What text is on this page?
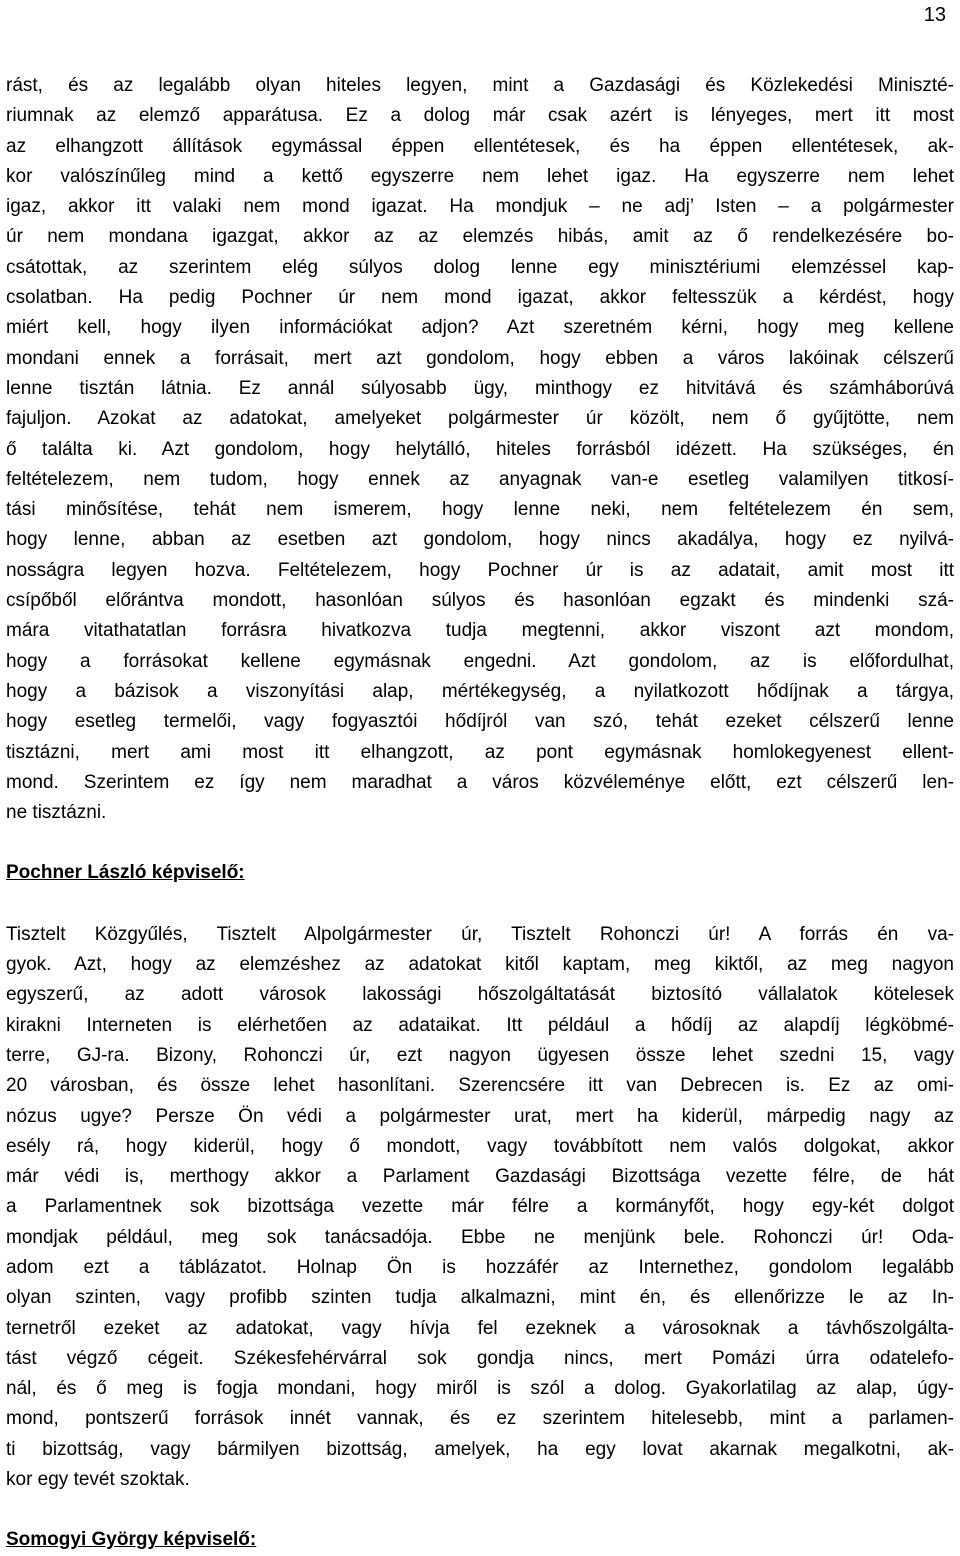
13

rást, és az legalább olyan hiteles legyen, mint a Gazdasági és Közlekedési Miniszté-
riumnak az elemző apparátusa. Ez a dolog már csak azért is lényeges, mert itt most
az elhangzott állítások egymással éppen ellentétesek, és ha éppen ellentétesek, ak-
kor valószínűleg mind a kettő egyszerre nem lehet igaz. Ha egyszerre nem lehet
igaz, akkor itt valaki nem mond igazat. Ha mondjuk – ne adj’ Isten – a polgármester
úr nem mondana igazgat, akkor az az elemzés hibás, amit az ő rendelkezésére bo-
csátottak, az szerintem elég súlyos dolog lenne egy minisztériumi elemzéssel kap-
csolatban. Ha pedig Pochner úr nem mond igazat, akkor feltesszük a kérdést, hogy
miért kell, hogy ilyen információkat adjon? Azt szeretném kérni, hogy meg kellene
mondani ennek a forrásait, mert azt gondolom, hogy ebben a város lakóinak célszerű
lenne tisztán látnia. Ez annál súlyosabb ügy, minthogy ez hitvitává és számháborúvá
fajuljon. Azokat az adatokat, amelyeket polgármester úr közölt, nem ő gyűjtötte, nem
ő találta ki. Azt gondolom, hogy helytálló, hiteles forrásból idézett. Ha szükséges, én
feltételezem, nem tudom, hogy ennek az anyagnak van-e esetleg valamilyen titkosí-
tási minősítése, tehát nem ismerem, hogy lenne neki, nem feltételezem én sem,
hogy lenne, abban az esetben azt gondolom, hogy nincs akadálya, hogy ez nyilvá-
nosságra legyen hozva. Feltételezem, hogy Pochner úr is az adatait, amit most itt
csípőből előrántva mondott, hasonlóan súlyos és hasonlóan egzakt és mindenki szá-
mára vitathatatlan forrásra hivatkozva tudja megtenni, akkor viszont azt mondom,
hogy a forrásokat kellene egymásnak engedni. Azt gondolom, az is előfordulhat,
hogy a bázisok a viszonyítási alap, mértékegység, a nyilatkozott hődíjnak a tárgya,
hogy esetleg termelői, vagy fogyasztói hődíjról van szó, tehát ezeket célszerű lenne
tisztázni, mert ami most itt elhangzott, az pont egymásnak homlokegyenest ellent-
mond. Szerintem ez így nem maradhat a város közvéleménye előtt, ezt célszerű len-
ne tisztázni.

Pochner László képviselő:

Tisztelt Közgyűlés, Tisztelt Alpolgármester úr, Tisztelt Rohonczi úr! A forrás én va-
gyok. Azt, hogy az elemzéshez az adatokat kitől kaptam, meg kiktől, az meg nagyon
egyszerű, az adott városok lakossági hőszolgáltatását biztosító vállalatok kötelesek
kirakni Interneten is elérhetően az adataikat. Itt például a hődíj az alapdíj légköbmé-
terre, GJ-ra. Bizony, Rohonczi úr, ezt nagyon ügyesen össze lehet szedni 15, vagy
20 városban, és össze lehet hasonlítani. Szerencsére itt van Debrecen is. Ez az omi-
nózus ugye? Persze Ön védi a polgármester urat, mert ha kiderül, márpedig nagy az
esély rá, hogy kiderül, hogy ő mondott, vagy továbbított nem valós dolgokat, akkor
már védi is, merthogy akkor a Parlament Gazdasági Bizottsága vezette félre, de hát
a Parlamentnek sok bizottsága vezette már félre a kormányfőt, hogy egy-két dolgot
mondjak például, meg sok tanácsadója. Ebbe ne menjünk bele. Rohonczi úr! Oda-
adom ezt a táblázatot. Holnap Ön is hozzáfér az Internethez, gondolom legalább
olyan szinten, vagy profibb szinten tudja alkalmazni, mint én, és ellenőrizze le az In-
ternetről ezeket az adatokat, vagy hívja fel ezeknek a városoknak a távhőszolgálta-
tást végző cégeit. Székesfehérvárral sok gondja nincs, mert Pomázi úrra odatelefo-
nál, és ő meg is fogja mondani, hogy miről is szól a dolog. Gyakorlatilag az alap, úgy-
mond, pontszerű források innét vannak, és ez szerintem hitelesebb, mint a parlamen-
ti bizottság, vagy bármilyen bizottság, amelyek, ha egy lovat akarnak megalkotni, ak-
kor egy tevét szoktak.

Somogyi György képviselő:
